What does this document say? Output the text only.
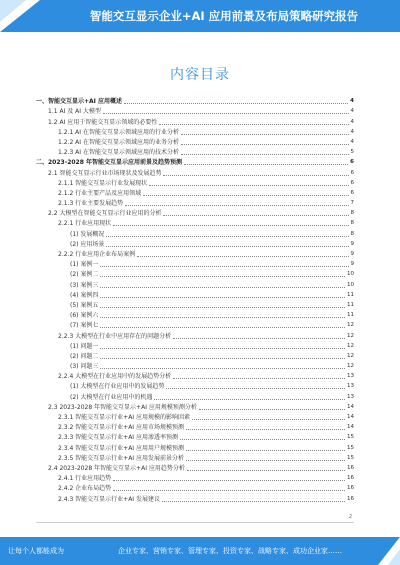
智能交互显示企业+AI 应用前景及布局策略研究报告
内容目录
一、智能交互显示+AI 应用概述	4
1.1 AI 及 AI 大模型	4
1.2 AI 应用于智能交互显示领域的必要性	4
1.2.1 AI 在智能交互显示领域应用的行业分析	4
1.2.2 AI 在智能交互显示领域应用的业务分析	4
1.2.3 AI 在智能交互显示领域应用的技术分析	5
二、2023-2028 年智能交互显示应用前景及趋势预测	6
2.1 智能交互显示行业市场现状及发展趋势	6
2.1.1 智能交互显示行业发展现状	6
2.1.2 行业主要产品及应用领域	6
2.1.3 行业主要发展趋势	7
2.2 大模型在智能交互显示行业应用的分析	8
2.2.1 行业应用现状	8
(1) 发展概况	8
(2) 应用场景	9
2.2.2 行业应用企业布局案例	9
(1) 案例一	9
(2) 案例二	10
(3) 案例三	10
(4) 案例四	11
(5) 案例五	11
(6) 案例六	11
(7) 案例七	12
2.2.3 大模型在行业中应用存在的问题分析	12
(1) 问题一	12
(2) 问题二	12
(3) 问题三	12
2.2.4 大模型在行业应用中的发展趋势分析	13
(1) 大模型在行业应用中的发展趋势	13
(2) 大模型在行业应用中的机遇	13
2.3 2023-2028 年智能交互显示+AI 应用规模预测分析	14
2.3.1 智能交互显示行业+AI 应用规模的影响因素	14
2.3.2 智能交互显示行业+AI 应用市场规模预测	14
2.3.3 智能交互显示行业+AI 应用渗透率预测	15
2.3.4 智能交互显示行业+AI 应用用户规模预测	15
2.3.5 智能交互显示行业+AI 应用发展前景分析	15
2.4 2023-2028 年智能交互显示+AI 应用趋势分析	16
2.4.1 行业应用趋势	16
2.4.2 企业布局趋势	16
2.4.3 智能交互显示行业+AI 发展建议	16
2
让每个人都能成为	企业专家、营销专家、管理专家、投资专家、战略专家、成功企业家……
